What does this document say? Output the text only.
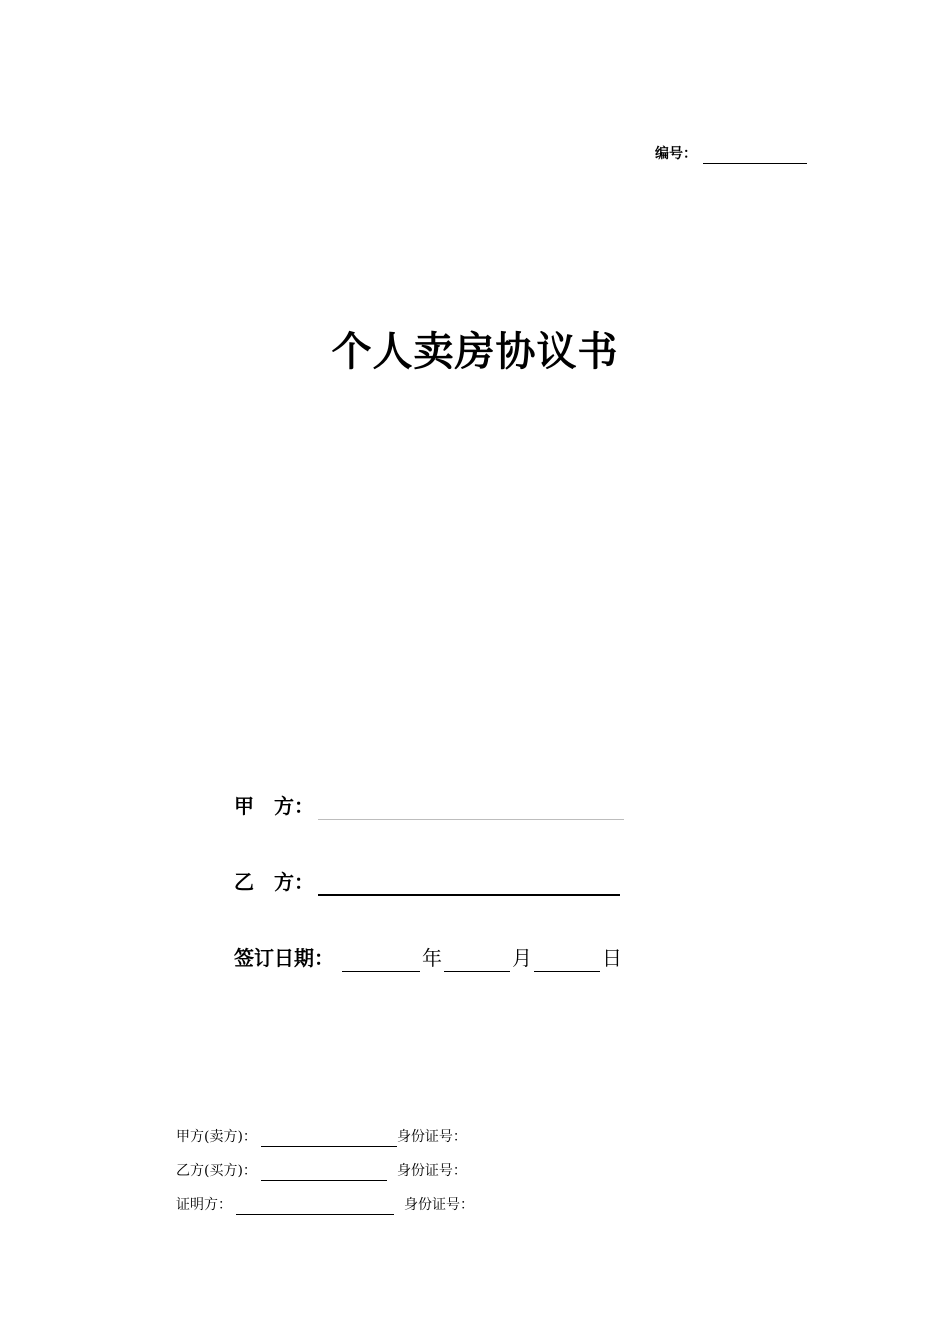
编号：
个人卖房协议书
甲　方：
乙　方：
签订日期：	年	月	日
甲方(卖方)：	身份证号：
乙方(买方)：	身份证号：
证明方：	身份证号：
